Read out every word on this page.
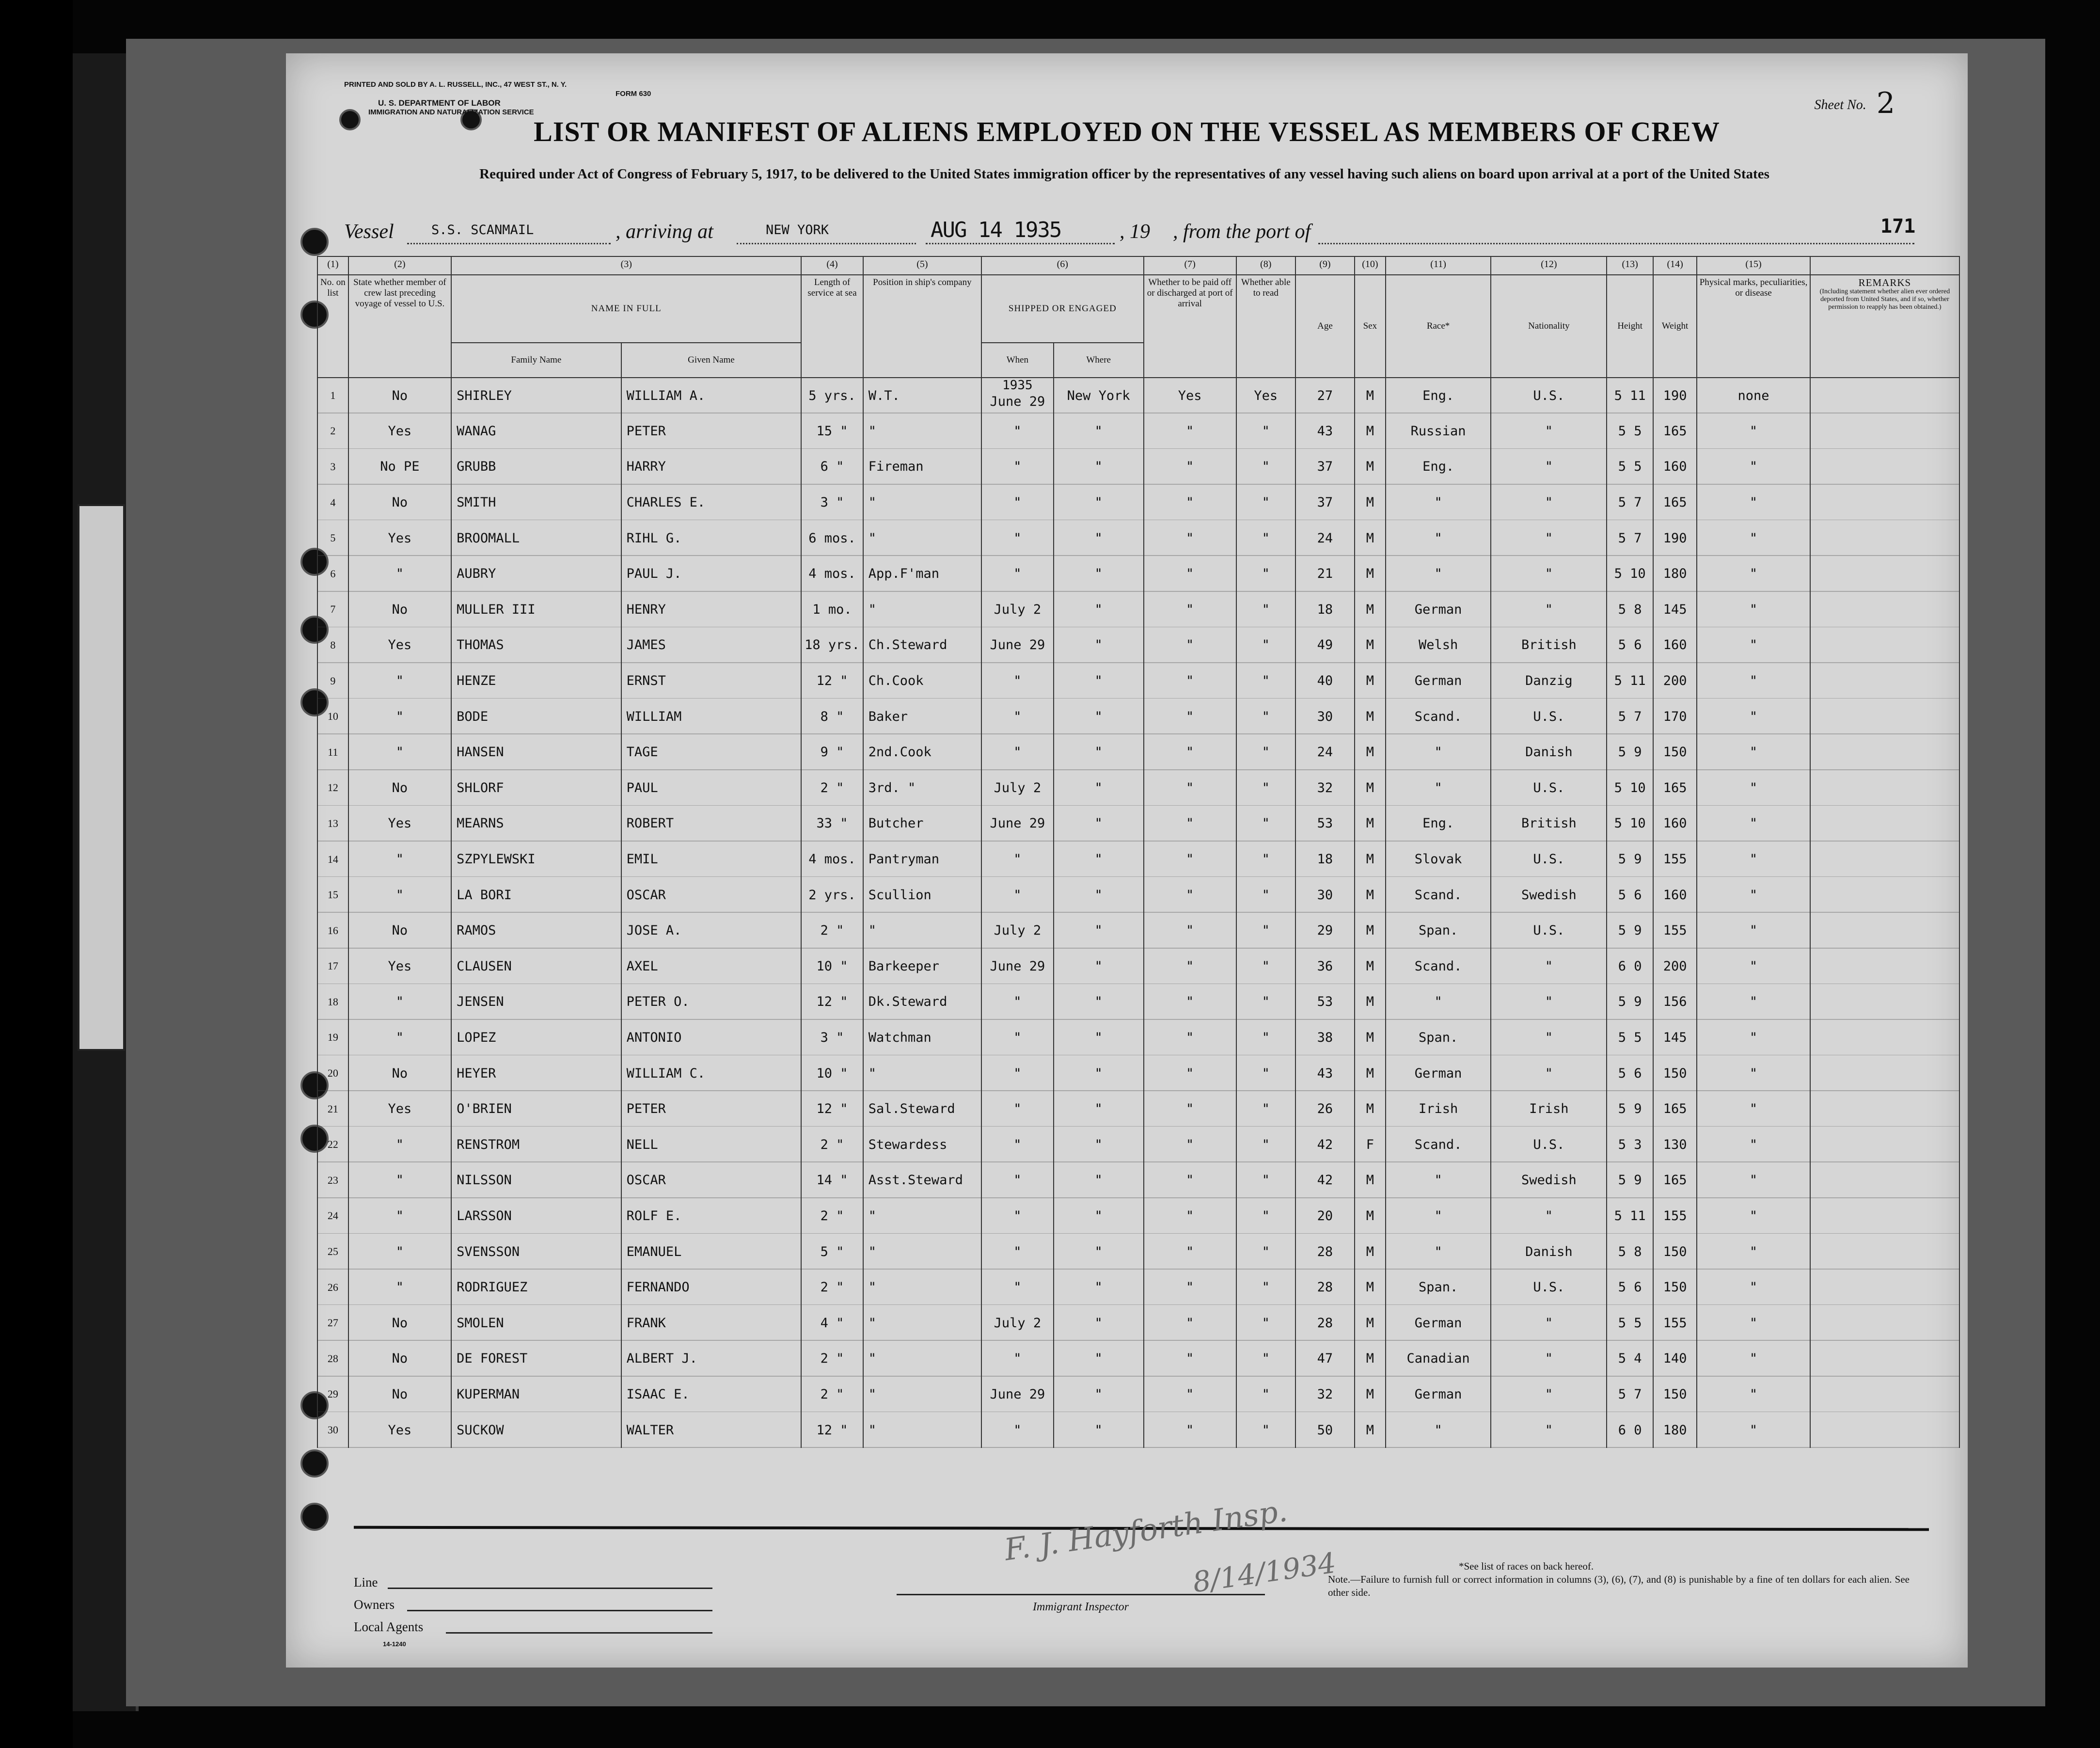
PRINTED AND SOLD BY A. L. RUSSELL, INC., 47 WEST ST., N. Y.
FORM 630
U. S. DEPARTMENT OF LABOR
IMMIGRATION AND NATURALIZATION SERVICE	Sheet No. 2
LIST OR MANIFEST OF ALIENS EMPLOYED ON THE VESSEL AS MEMBERS OF CREW
Required under Act of Congress of February 5, 1917, to be delivered to the United States immigration officer by the representatives of any vessel having such aliens on board upon arrival at a port of the United States
Vessel	S.S. SCANMAIL	, arriving at	NEW YORK	AUG 14 1935	, 19 , from the port of	171
(1)	(2)	(3)		(4)	(5)	(6)		(7)	(8)	(9)	(10)	(11)	(12)	(13)	(14)	(15)	
No. on list	State whether member of crew last preceding voyage of vessel to U.S.	NAME IN FULL		Length of service at sea	Position in ship's company	SHIPPED OR ENGAGED		Whether to be paid off or discharged at port of arrival	Whether able to read	Age	Sex	Race*	Nationality	Height	Weight	Physical marks, peculiarities, or disease	REMARKS
(Including statement whether alien ever ordered deported from United States, and if so, whether permission to reapply has been obtained.)

		Family Name	Given Name			When	Where										
1	No	SHIRLEY	WILLIAM A.	5 yrs.	W.T.	1935
June 29	New York	Yes	Yes	27	M	Eng.	U.S.	5 11	190	none	
2	Yes	WANAG	PETER	15 "	"	"	"	"	"	43	M	Russian	"	5 5	165	"	
3	No PE	GRUBB	HARRY	6 "	Fireman	"	"	"	"	37	M	Eng.	"	5 5	160	"	
4	No	SMITH	CHARLES E.	3 "	"	"	"	"	"	37	M	"	"	5 7	165	"	
5	Yes	BROOMALL	RIHL G.	6 mos.	"	"	"	"	"	24	M	"	"	5 7	190	"	
6	"	AUBRY	PAUL J.	4 mos.	App.F'man	"	"	"	"	21	M	"	"	5 10	180	"	
7	No	MULLER III	HENRY	1 mo.	"	July 2	"	"	"	18	M	German	"	5 8	145	"	
8	Yes	THOMAS	JAMES	18 yrs.	Ch.Steward	June 29	"	"	"	49	M	Welsh	British	5 6	160	"	
9	"	HENZE	ERNST	12 "	Ch.Cook	"	"	"	"	40	M	German	Danzig	5 11	200	"	
10	"	BODE	WILLIAM	8 "	Baker	"	"	"	"	30	M	Scand.	U.S.	5 7	170	"	
11	"	HANSEN	TAGE	9 "	2nd.Cook	"	"	"	"	24	M	"	Danish	5 9	150	"	
12	No	SHLORF	PAUL	2 "	3rd. "	July 2	"	"	"	32	M	"	U.S.	5 10	165	"	
13	Yes	MEARNS	ROBERT	33 "	Butcher	June 29	"	"	"	53	M	Eng.	British	5 10	160	"	
14	"	SZPYLEWSKI	EMIL	4 mos.	Pantryman	"	"	"	"	18	M	Slovak	U.S.	5 9	155	"	
15	"	LA BORI	OSCAR	2 yrs.	Scullion	"	"	"	"	30	M	Scand.	Swedish	5 6	160	"	
16	No	RAMOS	JOSE A.	2 "	"	July 2	"	"	"	29	M	Span.	U.S.	5 9	155	"	
17	Yes	CLAUSEN	AXEL	10 "	Barkeeper	June 29	"	"	"	36	M	Scand.	"	6 0	200	"	
18	"	JENSEN	PETER O.	12 "	Dk.Steward	"	"	"	"	53	M	"	"	5 9	156	"	
19	"	LOPEZ	ANTONIO	3 "	Watchman	"	"	"	"	38	M	Span.	"	5 5	145	"	
20	No	HEYER	WILLIAM C.	10 "	"	"	"	"	"	43	M	German	"	5 6	150	"	
21	Yes	O'BRIEN	PETER	12 "	Sal.Steward	"	"	"	"	26	M	Irish	Irish	5 9	165	"	
22	"	RENSTROM	NELL	2 "	Stewardess	"	"	"	"	42	F	Scand.	U.S.	5 3	130	"	
23	"	NILSSON	OSCAR	14 "	Asst.Steward	"	"	"	"	42	M	"	Swedish	5 9	165	"	
24	"	LARSSON	ROLF E.	2 "	"	"	"	"	"	20	M	"	"	5 11	155	"	
25	"	SVENSSON	EMANUEL	5 "	"	"	"	"	"	28	M	"	Danish	5 8	150	"	
26	"	RODRIGUEZ	FERNANDO	2 "	"	"	"	"	"	28	M	Span.	U.S.	5 6	150	"	
27	No	SMOLEN	FRANK	4 "	"	July 2	"	"	"	28	M	German	"	5 5	155	"	
28	No	DE FOREST	ALBERT J.	2 "	"	"	"	"	"	47	M	Canadian	"	5 4	140	"	
29	No	KUPERMAN	ISAAC E.	2 "	"	June 29	"	"	"	32	M	German	"	5 7	150	"	
30	Yes	SUCKOW	WALTER	12 "	"	"	"	"	"	50	M	"	"	6 0	180	"	
F. J. Hayforth Insp.
8/14/1934
Line
Owners
Local Agents
14-1240
Immigrant Inspector
*See list of races on back hereof.
Note.—Failure to furnish full or correct information in columns (3), (6), (7), and (8) is punishable by a fine of ten dollars for each alien. See other side.
